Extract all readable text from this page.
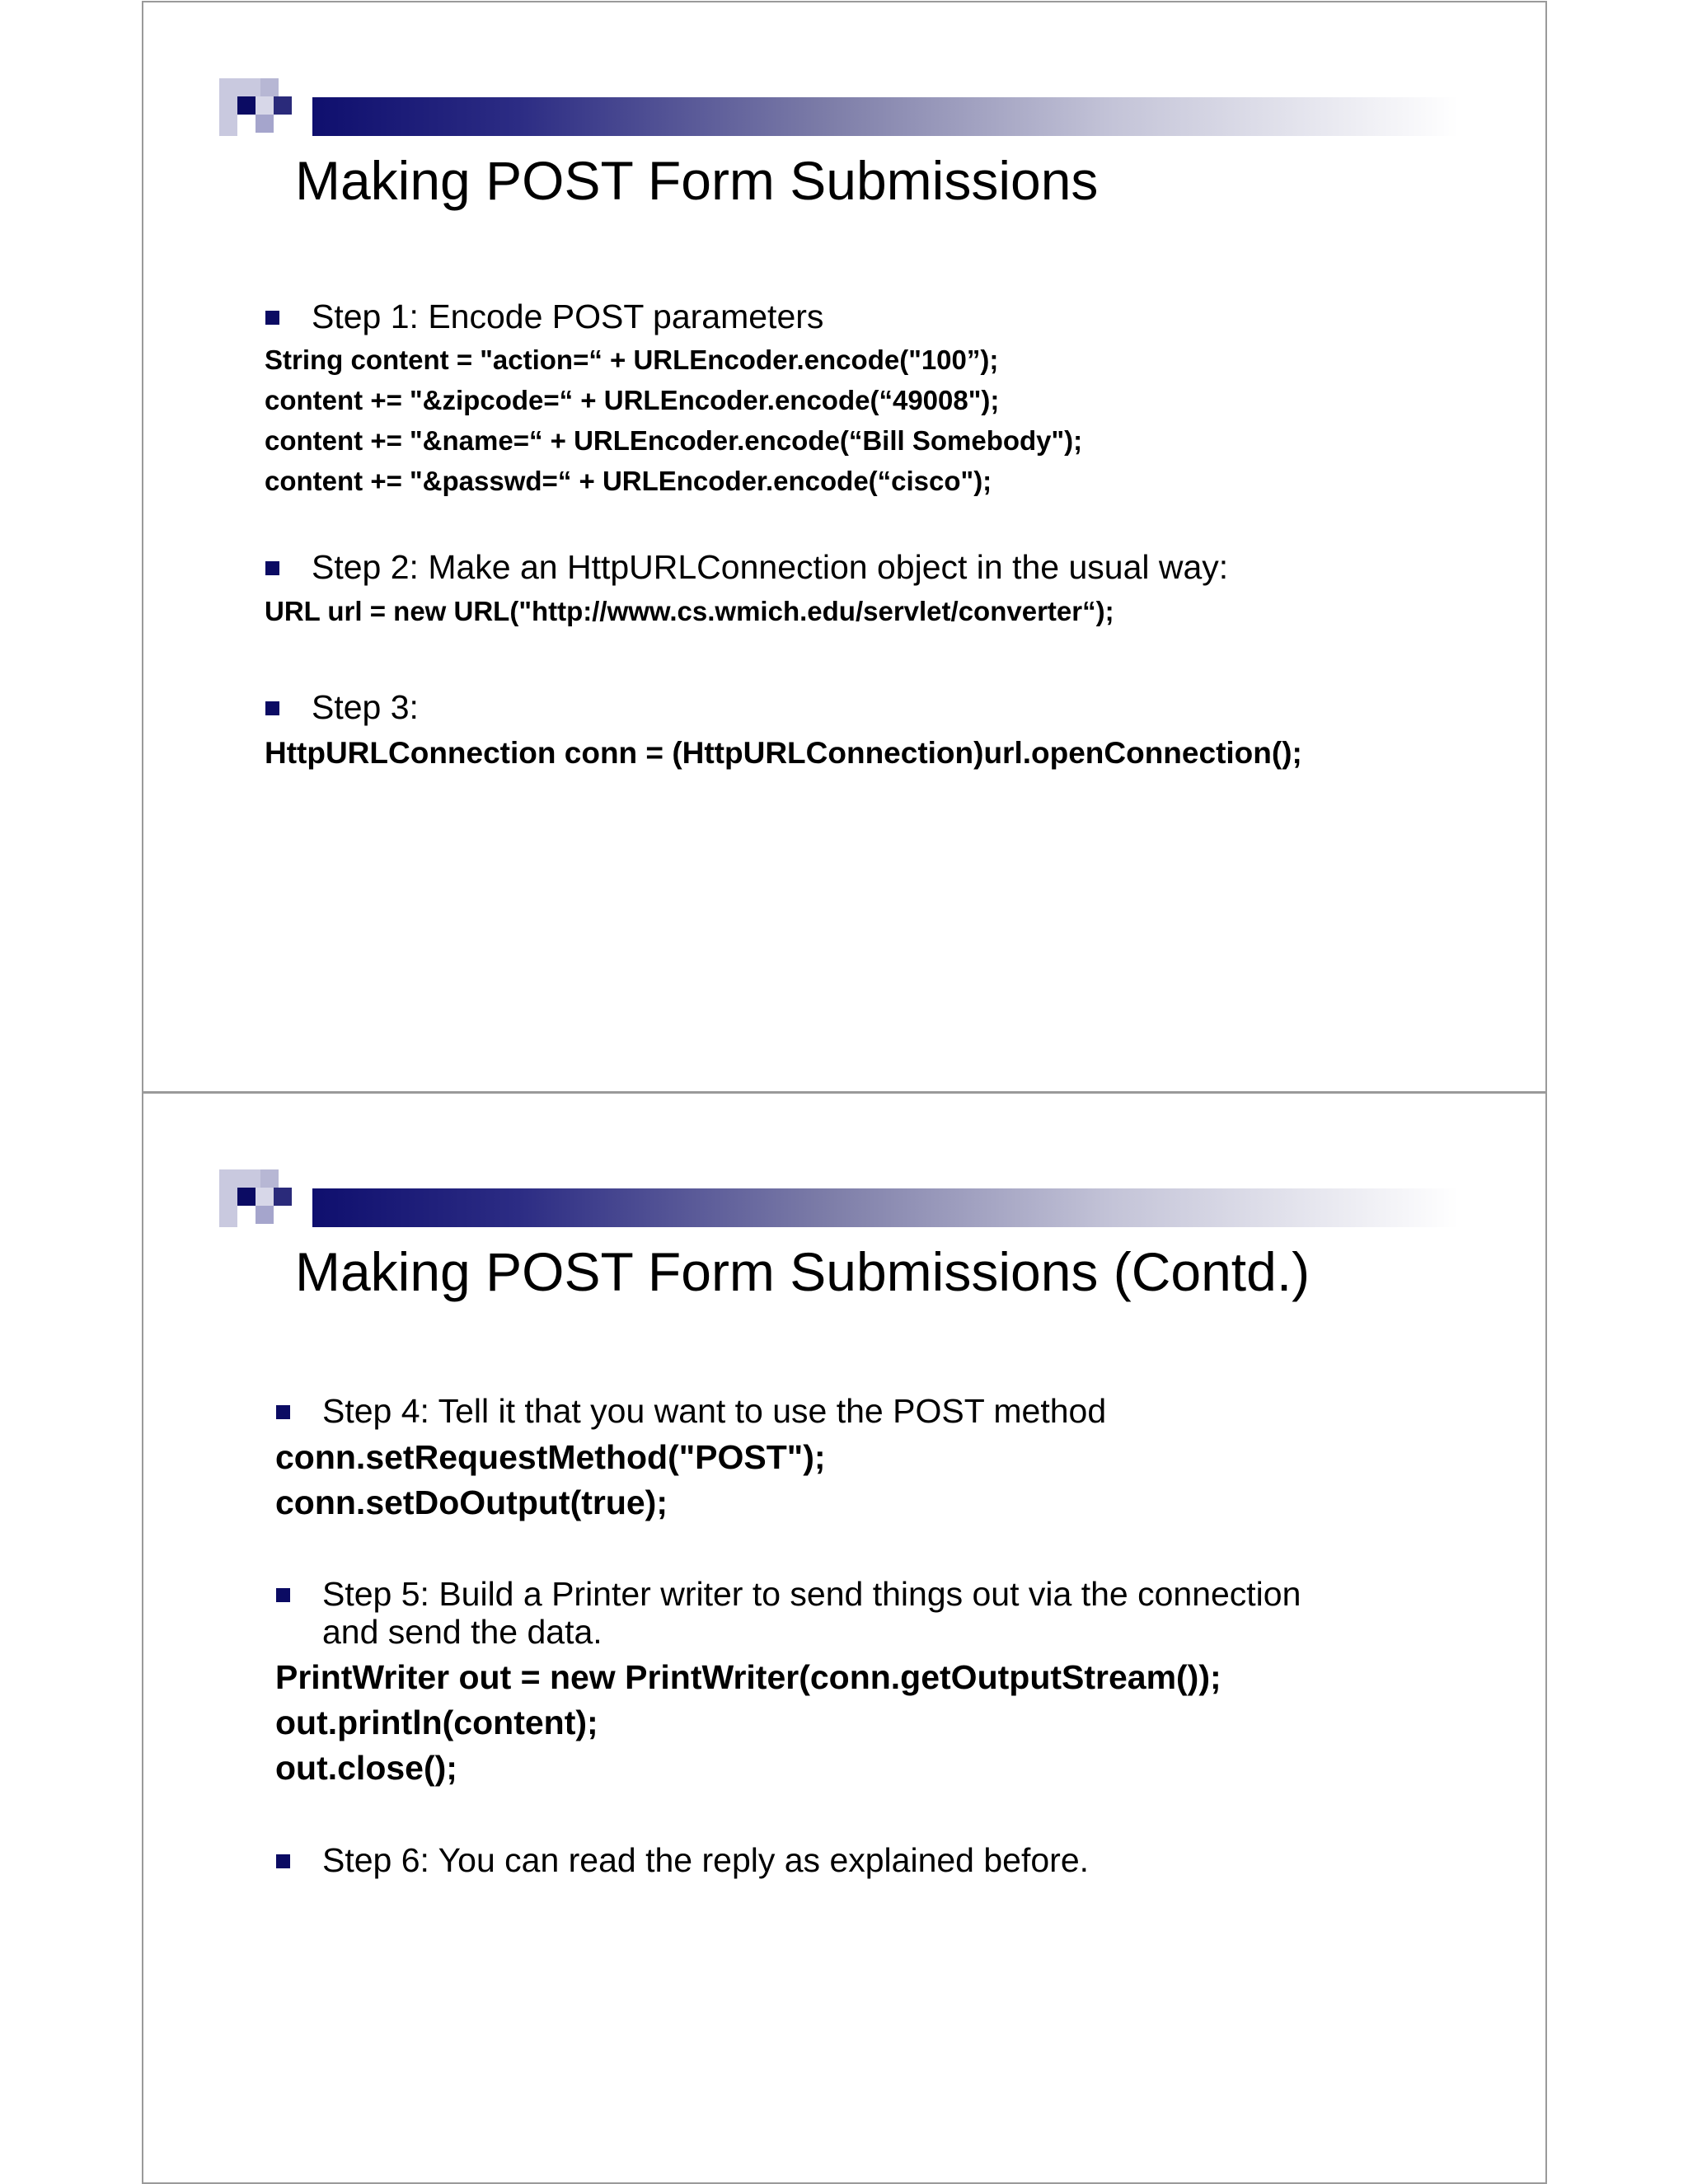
Making POST Form Submissions
Step 1: Encode POST parameters
String content = "action=“ + URLEncoder.encode("100”);
content += "&zipcode=“ + URLEncoder.encode(“49008");
content += "&name=“ + URLEncoder.encode(“Bill Somebody");
content += "&passwd=“ + URLEncoder.encode(“cisco");
Step 2: Make an HttpURLConnection object in the usual way:
URL url = new URL("http://www.cs.wmich.edu/servlet/converter“);
Step 3:
HttpURLConnection conn = (HttpURLConnection)url.openConnection();
Making POST Form Submissions (Contd.)
Step 4: Tell it that you want to use the POST method
conn.setRequestMethod("POST");
conn.setDoOutput(true);
Step 5: Build a Printer writer to send things out via the connection
and send the data.
PrintWriter out = new PrintWriter(conn.getOutputStream());
out.println(content);
out.close();
Step 6: You can read the reply as explained before.
